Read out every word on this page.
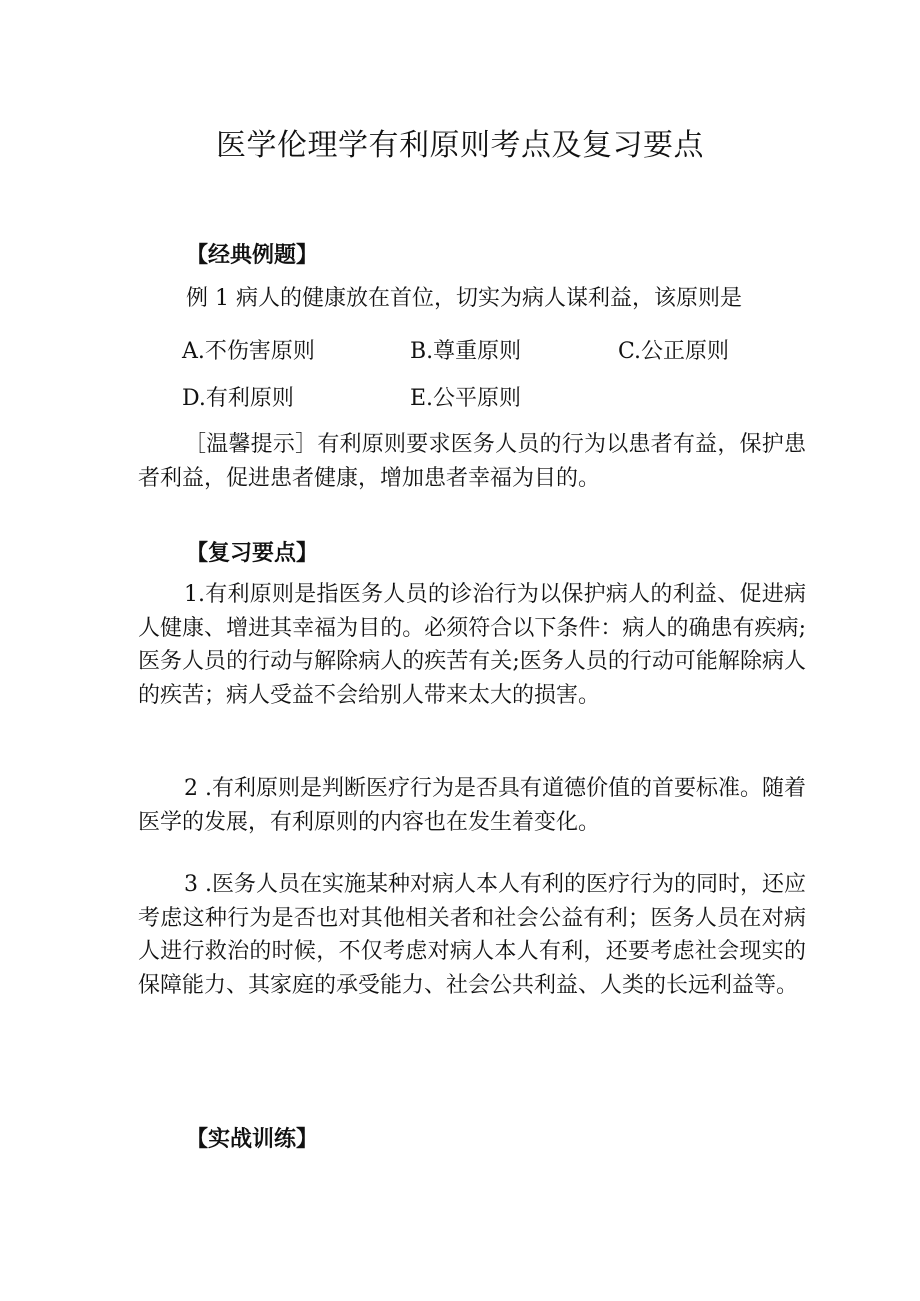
医学伦理学有利原则考点及复习要点
【经典例题】
例 1 病人的健康放在首位，切实为病人谋利益，该原则是
A.不伤害原则	B.尊重原则	C.公正原则
D.有利原则	E.公平原则
［温馨提示］有利原则要求医务人员的行为以患者有益，保护患者利益，促进患者健康，增加患者幸福为目的。
【复习要点】
1.有利原则是指医务人员的诊治行为以保护病人的利益、促进病人健康、增进其幸福为目的。必须符合以下条件：病人的确患有疾病;医务人员的行动与解除病人的疾苦有关;医务人员的行动可能解除病人的疾苦；病人受益不会给别人带来太大的损害。
2 .有利原则是判断医疗行为是否具有道德价值的首要标准。随着医学的发展，有利原则的内容也在发生着变化。
3 .医务人员在实施某种对病人本人有利的医疗行为的同时，还应考虑这种行为是否也对其他相关者和社会公益有利；医务人员在对病人进行救治的时候，不仅考虑对病人本人有利，还要考虑社会现实的保障能力、其家庭的承受能力、社会公共利益、人类的长远利益等。
【实战训练】
